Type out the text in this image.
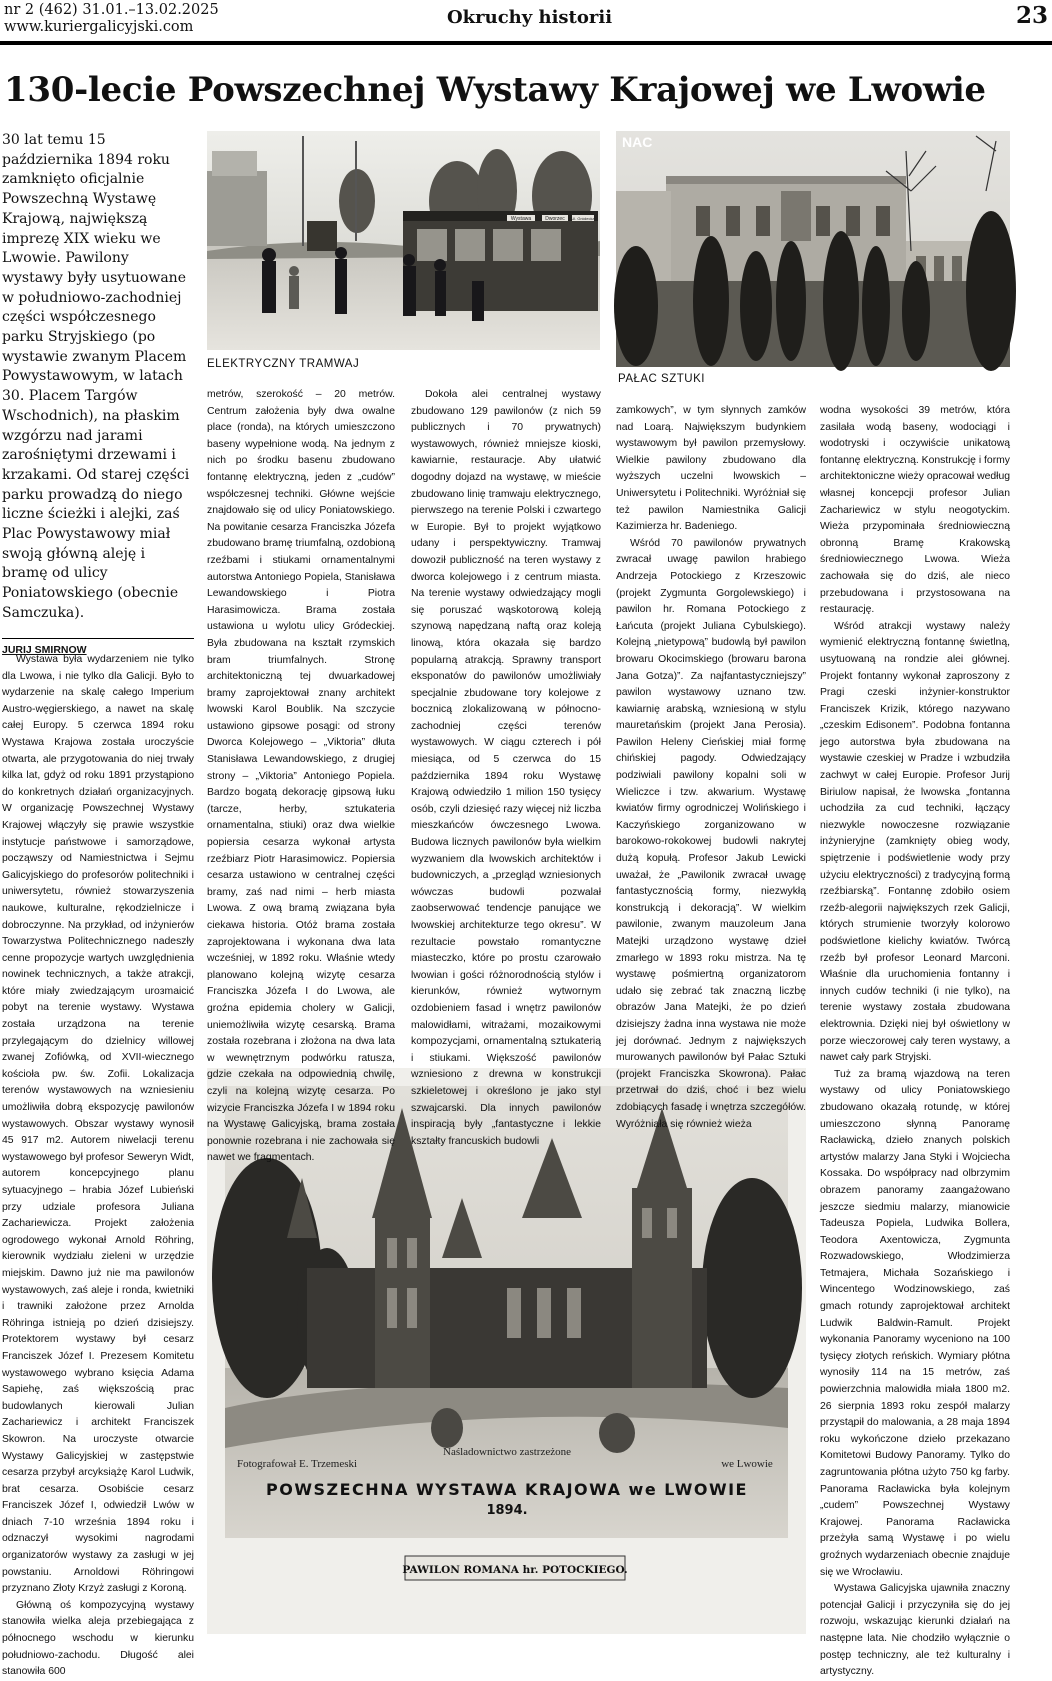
nr 2 (462) 31.01.–13.02.2025
www.kuriergalicyjski.com	Okruchy historii	23
130-lecie Powszechnej Wystawy Krajowej we Lwowie
30 lat temu 15 października 1894 roku zamknięto oficjalnie Powszechną Wystawę Krajową, największą imprezę XIX wieku we Lwowie. Pawilony wystawy były usytuowane w południowo-zachodniej części współczesnego parku Stryjskiego (po wystawie zwanym Placem Powystawowym, w latach 30. Placem Targów Wschodnich), na płaskim wzgórzu nad jarami zarośniętymi drzewami i krzakami. Od starej części parku prowadzą do niego liczne ścieżki i alejki, zaś Plac Powystawowy miał swoją główną aleję i bramę od ulicy Poniatowskiego (obecnie Samczuka).
JURIJ SMIRNOW
Wystawa	Dworzec Ul. Gródecka
ELEKTRYCZNY TRAMWAJ
NAC
PAŁAC SZTUKI
Fotografował E. Trzemeski
Naśladownictwo zastrzeżone
we Lwowie
POWSZECHNA WYSTAWA KRAJOWA we LWOWIE
1894.
PAWILON ROMANA hr. POTOCKIEGO.

Wystawa była wydarzeniem nie tylko dla Lwowa, i nie tylko dla Galicji. Było to wydarzenie na skalę całego Imperium Austro-węgierskiego, a nawet na skalę całej Europy. 5 czerwca 1894 roku Wystawa Krajowa została uroczyście otwarta, ale przygotowania do niej trwały kilka lat, gdyż od roku 1891 przystąpiono do konkretnych działań organizacyjnych. W organizację Powszechnej Wystawy Krajowej włączyły się prawie wszystkie instytucje państwowe i samorządowe, począwszy od Namiestnictwa i Sejmu Galicyjskiego do profesorów politechniki i uniwersytetu, również stowarzyszenia naukowe, kulturalne, rękodzielnicze i dobroczynne. Na przykład, od inżynierów Towarzystwa Politechnicznego nadeszły cenne propozycje wartych uwzględnienia nowinek technicznych, a także atrakcji, które miały zwiedzającym uroзmaicić pobyt na terenie wystawy. Wystawa została urządzona na terenie przylegającym do dzielnicy willowej zwanej Zofiówką, od XVII-wiecznego kościoła pw. św. Zofii. Lokalizacja terenów wystawowych na wzniesieniu umożliwiła dobrą ekspozycję pawilonów wystawowych. Obszar wystawy wynosił 45 917 m2. Autorem niwelacji terenu wystawowego był profesor Seweryn Widt, autorem koncepcyjnego planu sytuacyjnego – hrabia Józef Lubieński przy udziale profesora Juliana Zachariewicza. Projekt założenia ogrodowego wykonał Arnold Röhring, kierownik wydziału zieleni w urzędzie miejskim. Dawno już nie ma pawilonów wystawowych, zaś aleje i ronda, kwietniki i trawniki założone przez Arnolda Röhringa istnieją po dzień dzisiejszy. Protektorem wystawy był cesarz Franciszek Józef I. Prezesem Komitetu wystawowego wybrano księcia Adama Sapiehę, zaś większością prac budowlanych kierowali Julian Zachariewicz i architekt Franciszek Skowron. Na uroczyste otwarcie Wystawy Galicyjskiej w zastępstwie cesarza przybył arcyksiążę Karol Ludwik, brat cesarza. Osobiście cesarz Franciszek Józef I, odwiedził Lwów w dniach 7-10 września 1894 roku i odznaczył wysokimi nagrodami organizatorów wystawy za zasługi w jej powstaniu. Arnoldowi Röhringowi przyznano Złoty Krzyż zasługi z Koroną.

Główną oś kompozycyjną wystawy stanowiła wielka aleja przebiegająca z północnego wschodu w kierunku południowo-zachodu. Długość alei stanowiła 600

metrów, szerokość – 20 metrów. Centrum założenia były dwa owalne place (ronda), na których umieszczono baseny wypełnione wodą. Na jednym z nich po środku basenu zbudowano fontannę elektryczną, jeden z „cudów” współczesnej techniki. Główne wejście znajdowało się od ulicy Poniatowskiego. Na powitanie cesarza Franciszka Józefa zbudowano bramę triumfalną, ozdobioną rzeźbami i stiukami ornamentalnymi autorstwa Antoniego Popiela, Stanisława Lewandowskiego i Piotra Harasimowicza. Brama została ustawiona u wylotu ulicy Gródeckiej. Była zbudowana na kształt rzymskich bram triumfalnych. Stronę architektoniczną tej dwuarkadowej bramy zaprojektował znany architekt lwowski Karol Boublik. Na szczycie ustawiono gipsowe posągi: od strony Dworca Kolejowego – „Viktoria” dłuta Stanisława Lewandowskiego, z drugiej strony – „Viktoria” Antoniego Popiela. Bardzo bogatą dekorację gipsową łuku (tarcze, herby, sztukateria ornamentalna, stiuki) oraz dwa wielkie popiersia cesarza wykonał artysta rzeźbiarz Piotr Harasimowicz. Popiersia cesarza ustawiono w centralnej części bramy, zaś nad nimi – herb miasta Lwowa. Z ową bramą związana była ciekawa historia. Otóż brama została zaprojektowana i wykonana dwa lata wcześniej, w 1892 roku. Właśnie wtedy planowano kolejną wizytę cesarza Franciszka Józefa I do Lwowa, ale groźna epidemia cholery w Galicji, uniemożliwiła wizytę cesarską. Brama została rozebrana i złożona na dwa lata w wewnętrznym podwórku ratusza, gdzie czekała na odpowiednią chwilę, czyli na kolejną wizytę cesarza. Po wizycie Franciszka Józefa I w 1894 roku na Wystawę Galicyjską, brama została ponownie rozebrana i nie zachowała się nawet we fragmentach.

Dokoła alei centralnej wystawy zbudowano 129 pawilonów (z nich 59 publicznych i 70 prywatnych) wystawowych, również mniejsze kioski, kawiarnie, restauracje. Aby ułatwić dogodny dojazd na wystawę, w mieście zbudowano linię tramwaju elektrycznego, pierwszego na terenie Polski i czwartego w Europie. Był to projekt wyjątkowo udany i perspektywiczny. Tramwaj dowoził publiczność na teren wystawy z dworca kolejowego i z centrum miasta. Na terenie wystawy odwiedzający mogli się poruszać wąskotorową koleją szynową napędzaną naftą oraz koleją linową, która okazała się bardzo popularną atrakcją. Sprawny transport eksponatów do pawilonów umożliwiały specjalnie zbudowane tory kolejowe z bocznicą zlokalizowaną w północno-zachodniej części terenów wystawowych. W ciągu czterech i pół miesiąca, od 5 czerwca do 15 października 1894 roku Wystawę Krajową odwiedziło 1 milion 150 tysięcy osób, czyli dziesięć razy więcej niż liczba mieszkańców ówczesnego Lwowa. Budowa licznych pawilonów była wielkim wyzwaniem dla lwowskich architektów i budowniczych, a „przegląd wzniesionych wówczas budowli pozwalał zaobserwować tendencje panujące we lwowskiej architekturze tego okresu”. W rezultacie powstało romantyczne miasteczko, które po prostu czarowało lwowian i gości różnorodnością stylów i kierunków, również wytwornym ozdobieniem fasad i wnętrz pawilonów malowidłami, witrażami, mozaikowymi kompozycjami, ornamentalną sztukaterią i stiukami. Większość pawilonów wzniesiono z drewna w konstrukcji szkieletowej i określono je jako styl szwajcarski. Dla innych pawilonów inspiracją były „fantastyczne i lekkie kształty francuskich budowli

zamkowych”, w tym słynnych zamków nad Loarą. Największym budynkiem wystawowym był pawilon przemysłowy. Wielkie pawilony zbudowano dla wyższych uczelni lwowskich – Uniwersytetu i Politechniki. Wyróżniał się też pawilon Namiestnika Galicji Kazimierza hr. Badeniego.

Wśród 70 pawilonów prywatnych zwracał uwagę pawilon hrabiego Andrzeja Potockiego z Krzeszowic (projekt Zygmunta Gorgolewskiego) i pawilon hr. Romana Potockiego z Łańcuta (projekt Juliana Cybulskiego). Kolejną „nietypową” budowlą był pawilon browaru Okocimskiego (browaru barona Jana Gotza)”. Za najfantastyczniejszy” pawilon wystawowy uznano tzw. kawiarnię arabską, wzniesioną w stylu mauretańskim (projekt Jana Perosia). Pawilon Heleny Cieńskiej miał formę chińskiej pagody. Odwiedzający podziwiali pawilony kopalni soli w Wieliczce i tzw. akwarium. Wystawę kwiatów firmy ogrodniczej Wolińskiego i Kaczyńskiego zorganizowano w barokowo-rokokowej budowli nakrytej dużą kopułą. Profesor Jakub Lewicki uważał, że „Pawilonik zwracał uwagę fantastycznością formy, niezwykłą konstrukcją i dekoracją”. W wielkim pawilonie, zwanym mauzoleum Jana Matejki urządzono wystawę dzieł zmarłego w 1893 roku mistrza. Na tę wystawę pośmiertną organizatorom udało się zebrać tak znaczną liczbę obrazów Jana Matejki, że po dzień dzisiejszy żadna inna wystawa nie może jej dorównać. Jednym z największych murowanych pawilonów był Pałac Sztuki (projekt Franciszka Skowrona). Pałac przetrwał do dziś, choć i bez wielu zdobiących fasadę i wnętrza szczegółów. Wyróżniała się również wieża

wodna wysokości 39 metrów, która zasilała wodą baseny, wodociągi i wodotryski i oczywiście unikatową fontannę elektryczną. Konstrukcję i formy architektoniczne wieży opracował według własnej koncepcji profesor Julian Zachariewicz w stylu neogotyckim. Wieża przypominała średniowieczną obronną Bramę Krakowską średniowiecznego Lwowa. Wieża zachowała się do dziś, ale nieco przebudowana i przystosowana na restaurację.

Wśród atrakcji wystawy należy wymienić elektryczną fontannę świetlną, usytuowaną na rondzie alei głównej. Projekt fontanny wykonał zaproszony z Pragi czeski inżynier-konstruktor Franciszek Krizik, którego nazywano „czeskim Edisonem”. Podobna fontanna jego autorstwa była zbudowana na wystawie czeskiej w Pradze i wzbudziła zachwyt w całej Europie. Profesor Jurij Biriulow napisał, że lwowska „fontanna uchodziła za cud techniki, łączący niezwykle nowoczesne rozwiązanie inżynieryjne (zamknięty obieg wody, spiętrzenie i podświetlenie wody przy użyciu elektryczności) z tradycyjną formą rzeźbiarską”. Fontannę zdobiło osiem rzeźb-alegorii największych rzek Galicji, których strumienie tworzyły kolorowo podświetlone kielichy kwiatów. Twórcą rzeźb był profesor Leonard Marconi. Właśnie dla uruchomienia fontanny i innych cudów techniki (i nie tylko), na terenie wystawy została zbudowana elektrownia. Dzięki niej był oświetlony w porze wieczorowej cały teren wystawy, a nawet cały park Stryjski.

Tuż za bramą wjazdową na teren wystawy od ulicy Poniatowskiego zbudowano okazałą rotundę, w której umieszczono słynną Panoramę Racławicką, dzieło znanych polskich artystów malarzy Jana Styki i Wojciecha Kossaka. Do współpracy nad olbrzymim obrazem panoramy zaangażowano jeszcze siedmiu malarzy, mianowicie Tadeusza Popiela, Ludwika Bollera, Teodora Axentowicza, Zygmunta Rozwadowskiego, Włodzimierza Tetmajera, Michała Sozańskiego i Wincentego Wodzinowskiego, zaś gmach rotundy zaprojektował architekt Ludwik Baldwin-Ramult. Projekt wykonania Panoramy wyceniono na 100 tysięcy złotych reńskich. Wymiary płótna wynosiły 114 na 15 metrów, zaś powierzchnia malowidła miała 1800 m2. 26 sierpnia 1893 roku zespół malarzy przystąpił do malowania, a 28 maja 1894 roku wykończone dzieło przekazano Komitetowi Budowy Panoramy. Tylko do zagruntowania płótna użyto 750 kg farby. Panorama Racławicka była kolejnym „cudem” Powszechnej Wystawy Krajowej. Panorama Racławicka przeżyła samą Wystawę i po wielu groźnych wydarzeniach obecnie znajduje się we Wrocławiu.

Wystawa Galicyjska ujawniła znaczny potencjał Galicji i przyczyniła się do jej rozwoju, wskazując kierunki działań na następne lata. Nie chodziło wyłącznie o postęp techniczny, ale też kulturalny i artystyczny.
